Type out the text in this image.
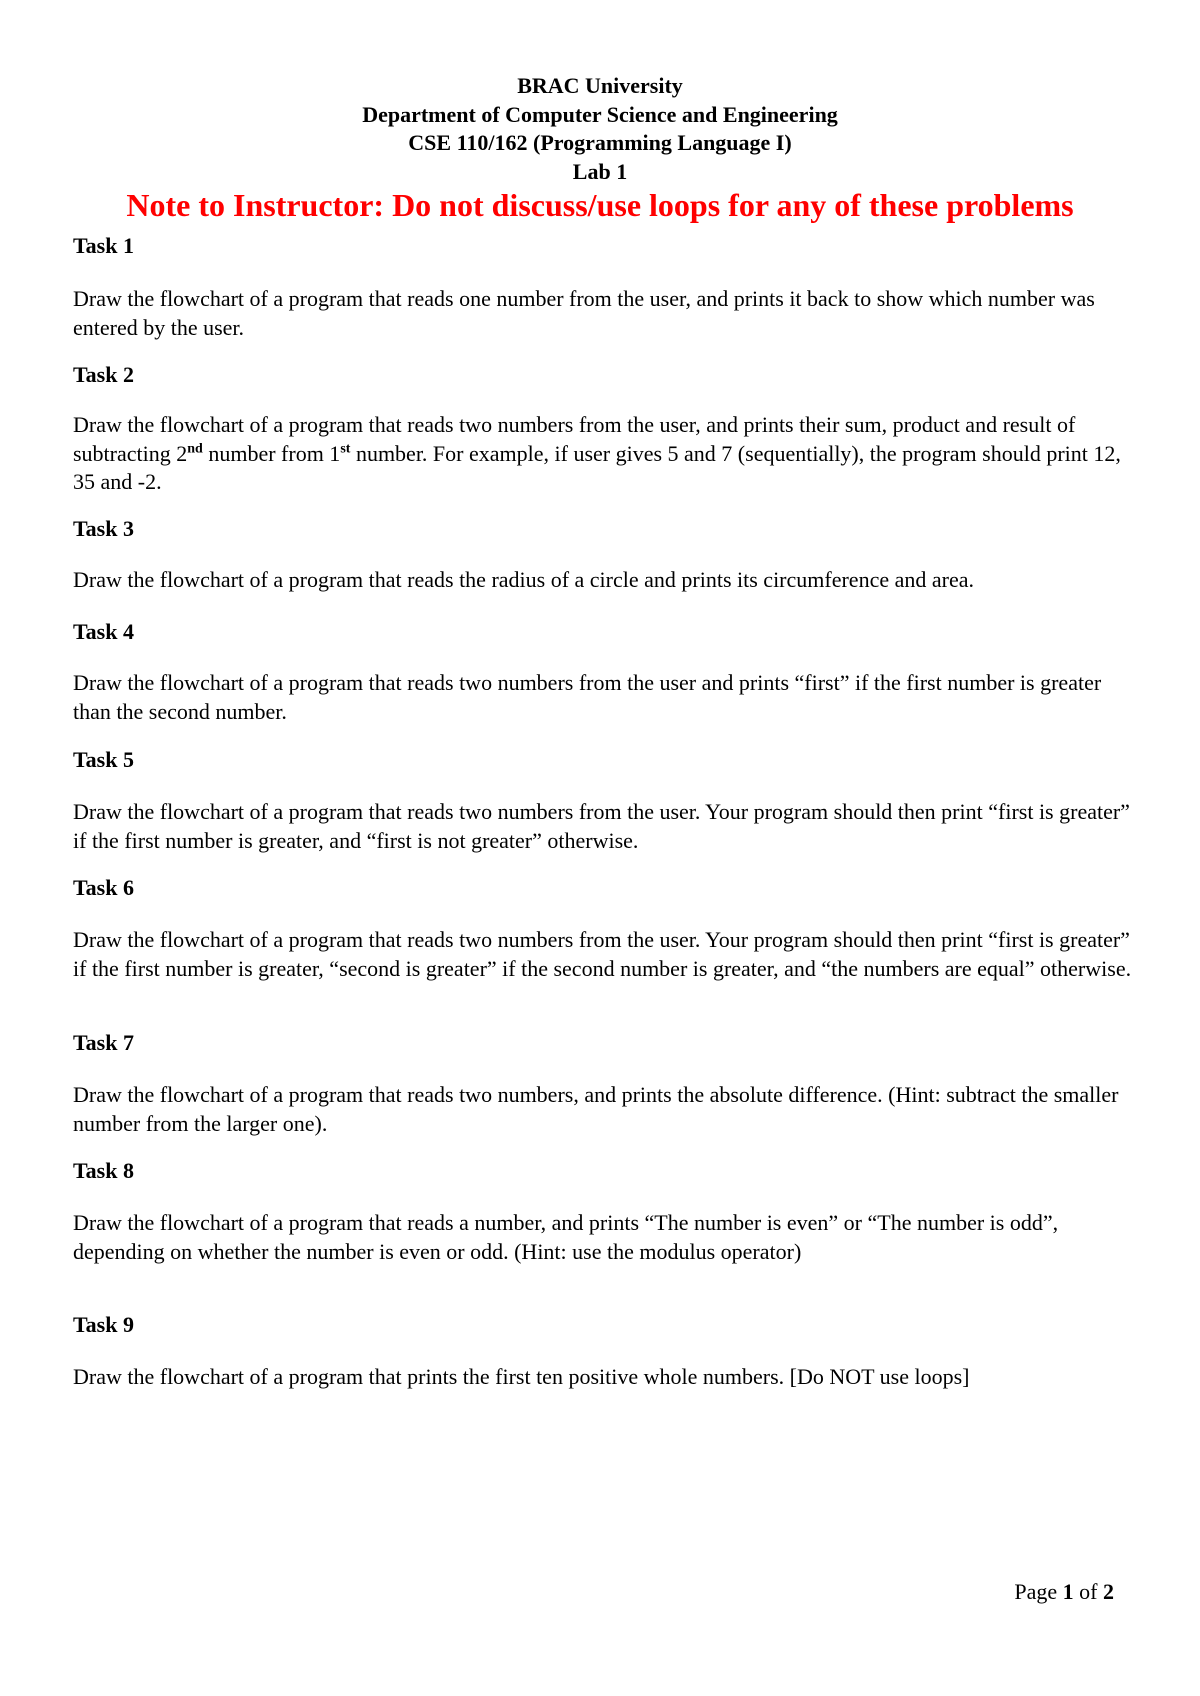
BRAC University
Department of Computer Science and Engineering
CSE 110/162 (Programming Language I)
Lab 1
Note to Instructor: Do not discuss/use loops for any of these problems
Task 1
Draw the flowchart of a program that reads one number from the user, and prints it back to show which number was entered by the user.
Task 2
Draw the flowchart of a program that reads two numbers from the user, and prints their sum, product and result of subtracting 2nd number from 1st number. For example, if user gives 5 and 7 (sequentially), the program should print 12, 35 and -2.
Task 3
Draw the flowchart of a program that reads the radius of a circle and prints its circumference and area.
Task 4
Draw the flowchart of a program that reads two numbers from the user and prints “first” if the first number is greater than the second number.
Task 5
Draw the flowchart of a program that reads two numbers from the user. Your program should then print “first is greater” if the first number is greater, and “first is not greater” otherwise.
Task 6
Draw the flowchart of a program that reads two numbers from the user. Your program should then print “first is greater” if the first number is greater, “second is greater” if the second number is greater, and “the numbers are equal” otherwise.
Task 7
Draw the flowchart of a program that reads two numbers, and prints the absolute difference. (Hint: subtract the smaller number from the larger one).
Task 8
Draw the flowchart of a program that reads a number, and prints “The number is even” or “The number is odd”, depending on whether the number is even or odd. (Hint: use the modulus operator)
Task 9
Draw the flowchart of a program that prints the first ten positive whole numbers. [Do NOT use loops]
Page 1 of 2
